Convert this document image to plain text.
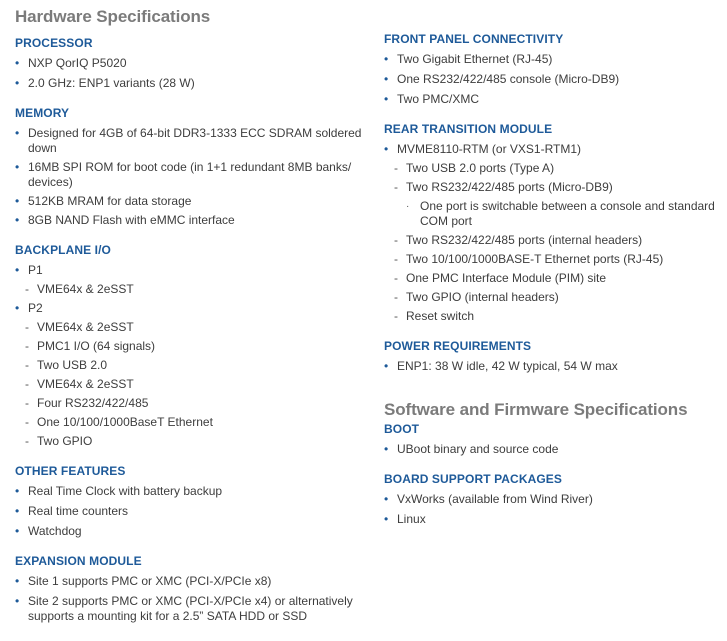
Hardware Specifications
PROCESSOR
• NXP QorIQ P5020
• 2.0 GHz: ENP1 variants (28 W)
MEMORY
• Designed for 4GB of 64-bit DDR3-1333 ECC SDRAM soldered down
• 16MB SPI ROM for boot code (in 1+1 redundant 8MB banks/ devices)
• 512KB MRAM for data storage
• 8GB NAND Flash with eMMC interface
BACKPLANE I/O
• P1
- VME64x & 2eSST
• P2
- VME64x & 2eSST
- PMC1 I/O (64 signals)
- Two USB 2.0
- VME64x & 2eSST
- Four RS232/422/485
- One 10/100/1000BaseT Ethernet
- Two GPIO
OTHER FEATURES
• Real Time Clock with battery backup
• Real time counters
• Watchdog
EXPANSION MODULE
• Site 1 supports PMC or XMC (PCI-X/PCIe x8)
• Site 2 supports PMC or XMC (PCI-X/PCIe x4) or alternatively supports a mounting kit for a 2.5” SATA HDD or SSD
FRONT PANEL CONNECTIVITY
• Two Gigabit Ethernet (RJ-45)
• One RS232/422/485 console (Micro-DB9)
• Two PMC/XMC
REAR TRANSITION MODULE
• MVME8110-RTM (or VXS1-RTM1)
- Two USB 2.0 ports (Type A)
- Two RS232/422/485 ports (Micro-DB9)
· One port is switchable between a console and standard COM port
- Two RS232/422/485 ports (internal headers)
- Two 10/100/1000BASE-T Ethernet ports (RJ-45)
- One PMC Interface Module (PIM) site
- Two GPIO (internal headers)
- Reset switch
POWER REQUIREMENTS
• ENP1: 38 W idle, 42 W typical, 54 W max
Software and Firmware Specifications
BOOT
• UBoot binary and source code
BOARD SUPPORT PACKAGES
• VxWorks (available from Wind River)
• Linux
